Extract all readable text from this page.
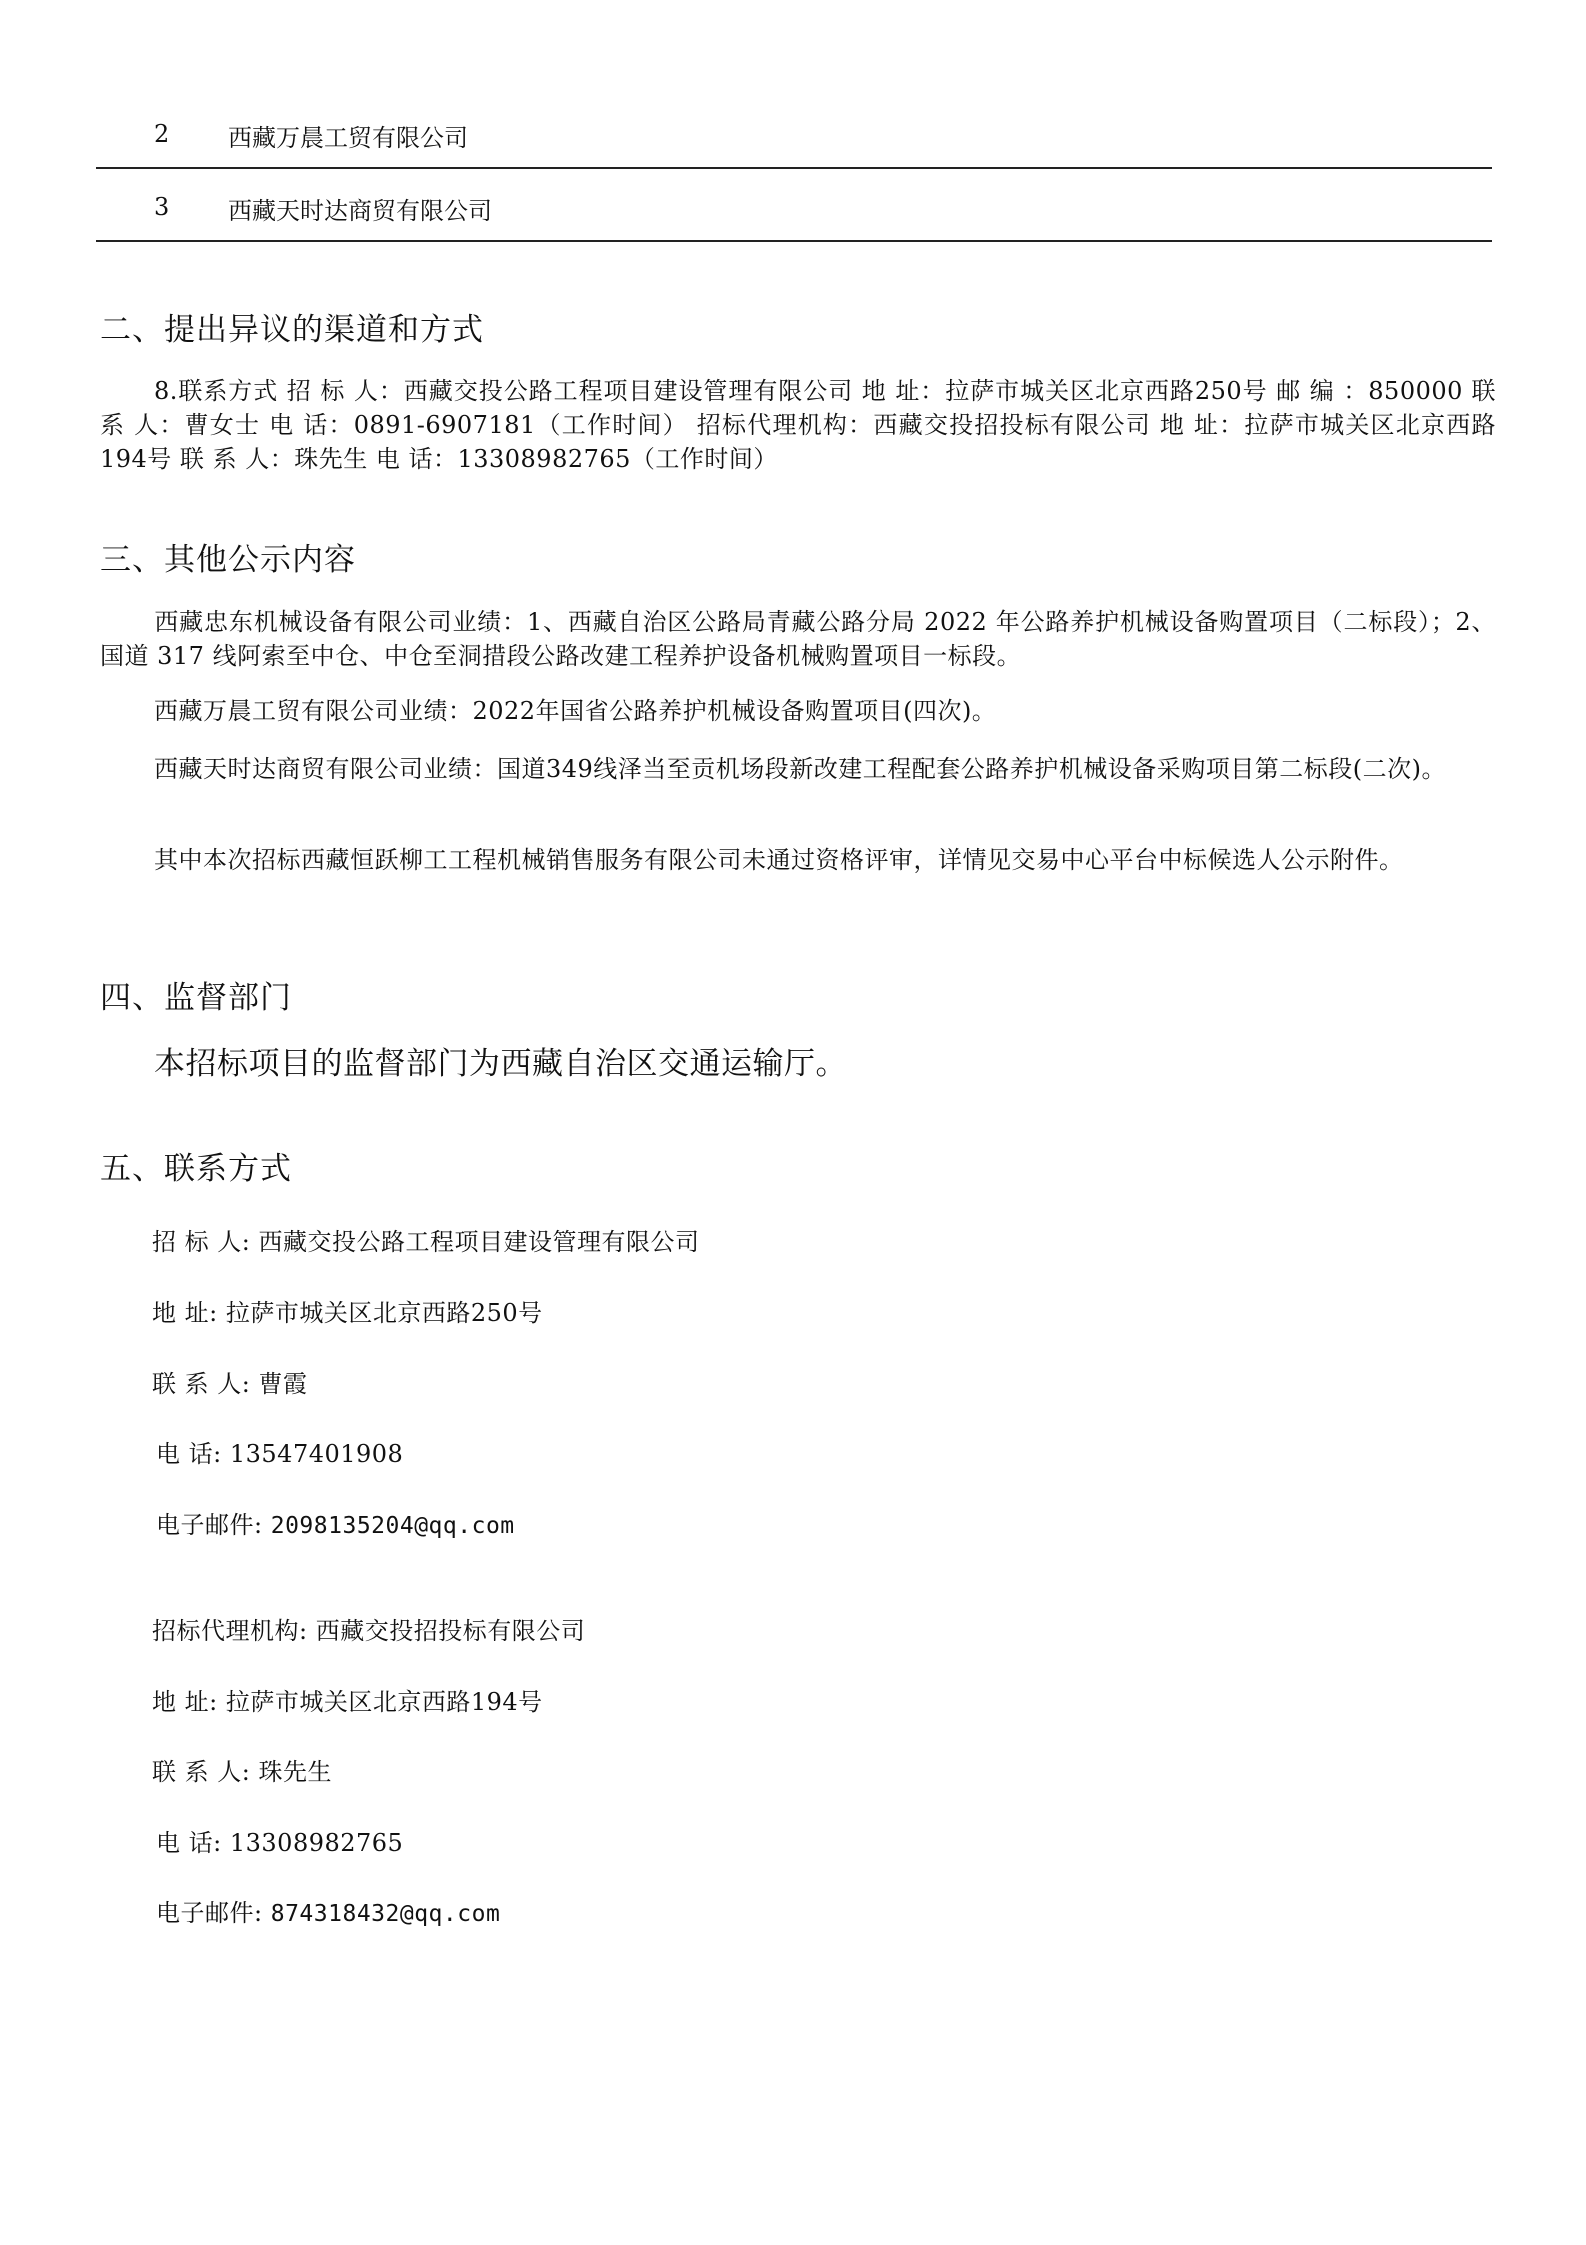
2 西藏万晨工贸有限公司
3 西藏天时达商贸有限公司
二、提出异议的渠道和方式
8.联系方式 招 标 人：西藏交投公路工程项目建设管理有限公司 地 址：拉萨市城关区北京西路250号 邮 编 ：850000 联 系 人：曹女士 电 话：0891-6907181（工作时间） 招标代理机构：西藏交投招投标有限公司 地 址：拉萨市城关区北京西路194号 联 系 人：珠先生 电 话：13308982765（工作时间）
三、其他公示内容
西藏忠东机械设备有限公司业绩：1、西藏自治区公路局青藏公路分局 2022 年公路养护机械设备购置项目（二标段）；2、国道 317 线阿索至中仓、中仓至洞措段公路改建工程养护设备机械购置项目一标段。
西藏万晨工贸有限公司业绩：2022年国省公路养护机械设备购置项目(四次)。
西藏天时达商贸有限公司业绩：国道349线泽当至贡机场段新改建工程配套公路养护机械设备采购项目第二标段(二次)。
其中本次招标西藏恒跃柳工工程机械销售服务有限公司未通过资格评审，详情见交易中心平台中标候选人公示附件。
四、监督部门
本招标项目的监督部门为西藏自治区交通运输厅。
五、联系方式
招 标 人: 西藏交投公路工程项目建设管理有限公司
地 址: 拉萨市城关区北京西路250号
联 系 人: 曹霞
电 话: 13547401908
电子邮件: 2098135204@qq.com
招标代理机构: 西藏交投招投标有限公司
地 址: 拉萨市城关区北京西路194号
联 系 人: 珠先生
电 话: 13308982765
电子邮件: 874318432@qq.com
